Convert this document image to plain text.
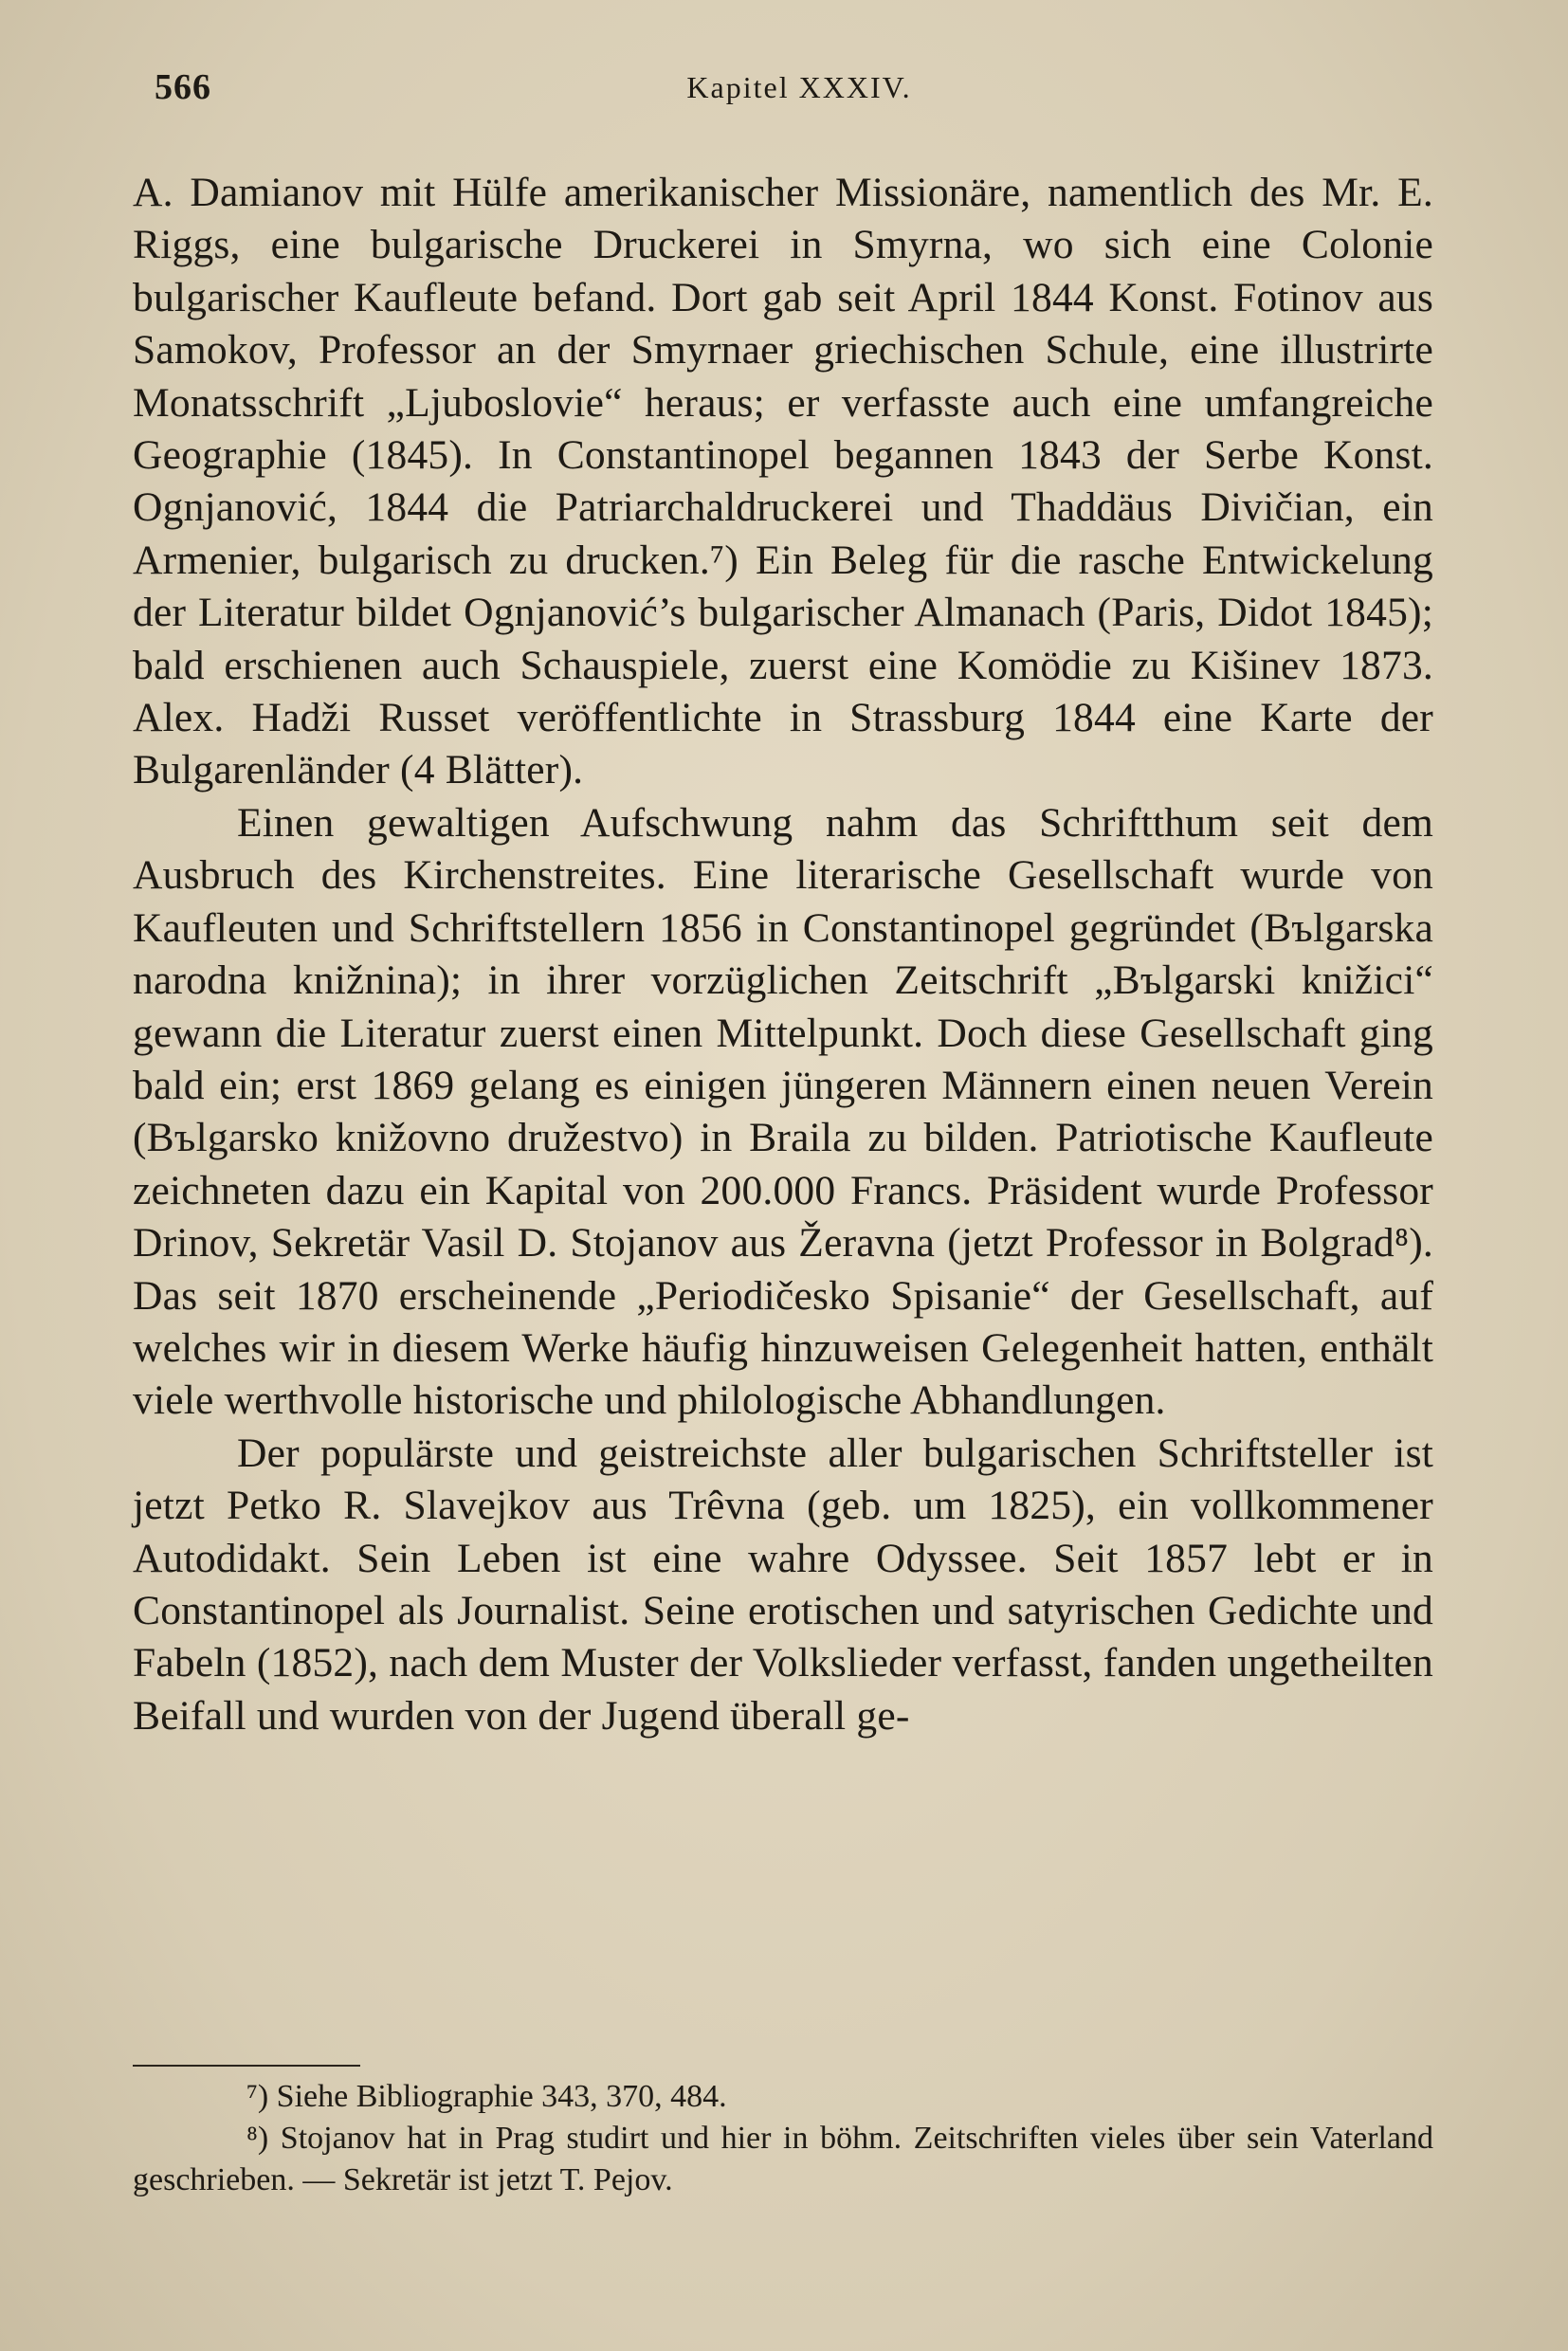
566	Kapitel XXXIV.

A. Damianov mit Hülfe amerikanischer Missionäre, namentlich des Mr. E. Riggs, eine bulgarische Druckerei in Smyrna, wo sich eine Colonie bulgarischer Kaufleute befand. Dort gab seit April 1844 Konst. Fotinov aus Samokov, Professor an der Smyrnaer griechischen Schule, eine illustrirte Monatsschrift „Ljuboslovie“ heraus; er verfasste auch eine umfangreiche Geographie (1845). In Constantinopel begannen 1843 der Serbe Konst. Ognjanović, 1844 die Patriarchaldruckerei und Thaddäus Divičian, ein Armenier, bulgarisch zu drucken.⁷) Ein Beleg für die rasche Entwickelung der Literatur bildet Ognjanović’s bulgarischer Almanach (Paris, Didot 1845); bald erschienen auch Schauspiele, zuerst eine Komödie zu Kišinev 1873. Alex. Hadži Russet veröffentlichte in Strassburg 1844 eine Karte der Bulgarenländer (4 Blätter).

Einen gewaltigen Aufschwung nahm das Schriftthum seit dem Ausbruch des Kirchenstreites. Eine literarische Gesellschaft wurde von Kaufleuten und Schriftstellern 1856 in Constantinopel gegründet (Bъlgarska narodna knižnina); in ihrer vorzüglichen Zeitschrift „Bъlgarski knižici“ gewann die Literatur zuerst einen Mittelpunkt. Doch diese Gesellschaft ging bald ein; erst 1869 gelang es einigen jüngeren Männern einen neuen Verein (Bъlgarsko knižovno družestvo) in Braila zu bilden. Patriotische Kaufleute zeichneten dazu ein Kapital von 200.000 Francs. Präsident wurde Professor Drinov, Sekretär Vasil D. Stojanov aus Žeravna (jetzt Professor in Bolgrad⁸). Das seit 1870 erscheinende „Periodičesko Spisanie“ der Gesellschaft, auf welches wir in diesem Werke häufig hinzuweisen Gelegenheit hatten, enthält viele werthvolle historische und philologische Abhandlungen.

Der populärste und geistreichste aller bulgarischen Schriftsteller ist jetzt Petko R. Slavejkov aus Trêvna (geb. um 1825), ein vollkommener Autodidakt. Sein Leben ist eine wahre Odyssee. Seit 1857 lebt er in Constantinopel als Journalist. Seine erotischen und satyrischen Gedichte und Fabeln (1852), nach dem Muster der Volkslieder verfasst, fanden ungetheilten Beifall und wurden von der Jugend überall ge-

⁷) Siehe Bibliographie 343, 370, 484.

⁸) Stojanov hat in Prag studirt und hier in böhm. Zeitschriften vieles über sein Vaterland geschrieben. — Sekretär ist jetzt T. Pejov.
